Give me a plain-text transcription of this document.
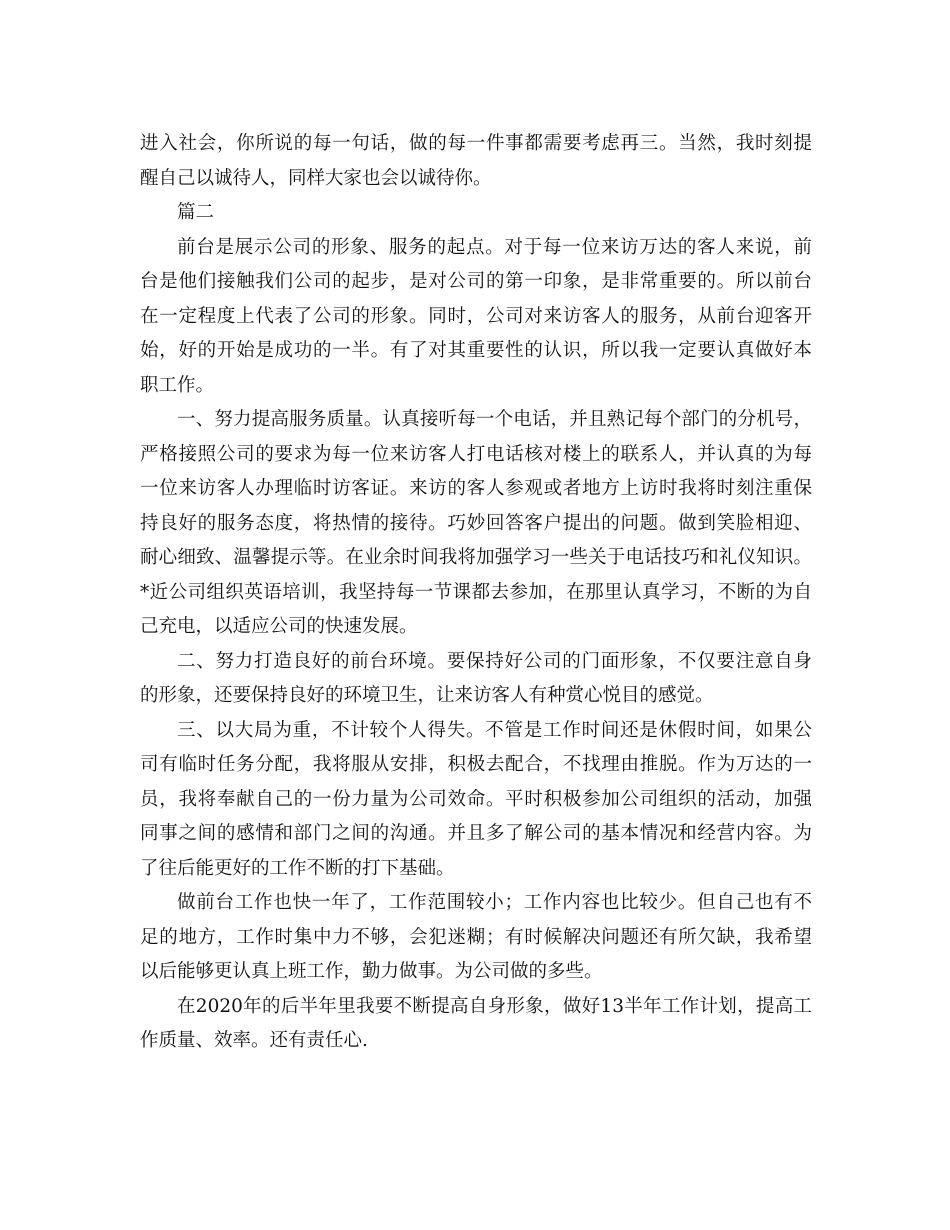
进入社会，你所说的每一句话，做的每一件事都需要考虑再三。当然，我时刻提
醒自己以诚待人，同样大家也会以诚待你。
篇二
前台是展示公司的形象、服务的起点。对于每一位来访万达的客人来说，前
台是他们接触我们公司的起步，是对公司的第一印象，是非常重要的。所以前台
在一定程度上代表了公司的形象。同时，公司对来访客人的服务，从前台迎客开
始，好的开始是成功的一半。有了对其重要性的认识，所以我一定要认真做好本
职工作。
一、努力提高服务质量。认真接听每一个电话，并且熟记每个部门的分机号，
严格接照公司的要求为每一位来访客人打电话核对楼上的联系人，并认真的为每
一位来访客人办理临时访客证。来访的客人参观或者地方上访时我将时刻注重保
持良好的服务态度，将热情的接待。巧妙回答客户提出的问题。做到笑脸相迎、
耐心细致、温馨提示等。在业余时间我将加强学习一些关于电话技巧和礼仪知识。
*近公司组织英语培训，我坚持每一节课都去参加，在那里认真学习，不断的为自
己充电，以适应公司的快速发展。
二、努力打造良好的前台环境。要保持好公司的门面形象，不仅要注意自身
的形象，还要保持良好的环境卫生，让来访客人有种赏心悦目的感觉。
三、以大局为重，不计较个人得失。不管是工作时间还是休假时间，如果公
司有临时任务分配，我将服从安排，积极去配合，不找理由推脱。作为万达的一
员，我将奉献自己的一份力量为公司效命。平时积极参加公司组织的活动，加强
同事之间的感情和部门之间的沟通。并且多了解公司的基本情况和经营内容。为
了往后能更好的工作不断的打下基础。
做前台工作也快一年了，工作范围较小；工作内容也比较少。但自己也有不
足的地方，工作时集中力不够，会犯迷糊；有时候解决问题还有所欠缺，我希望
以后能够更认真上班工作，勤力做事。为公司做的多些。
在2020年的后半年里我要不断提高自身形象，做好13半年工作计划，提高工
作质量、效率。还有责任心.
